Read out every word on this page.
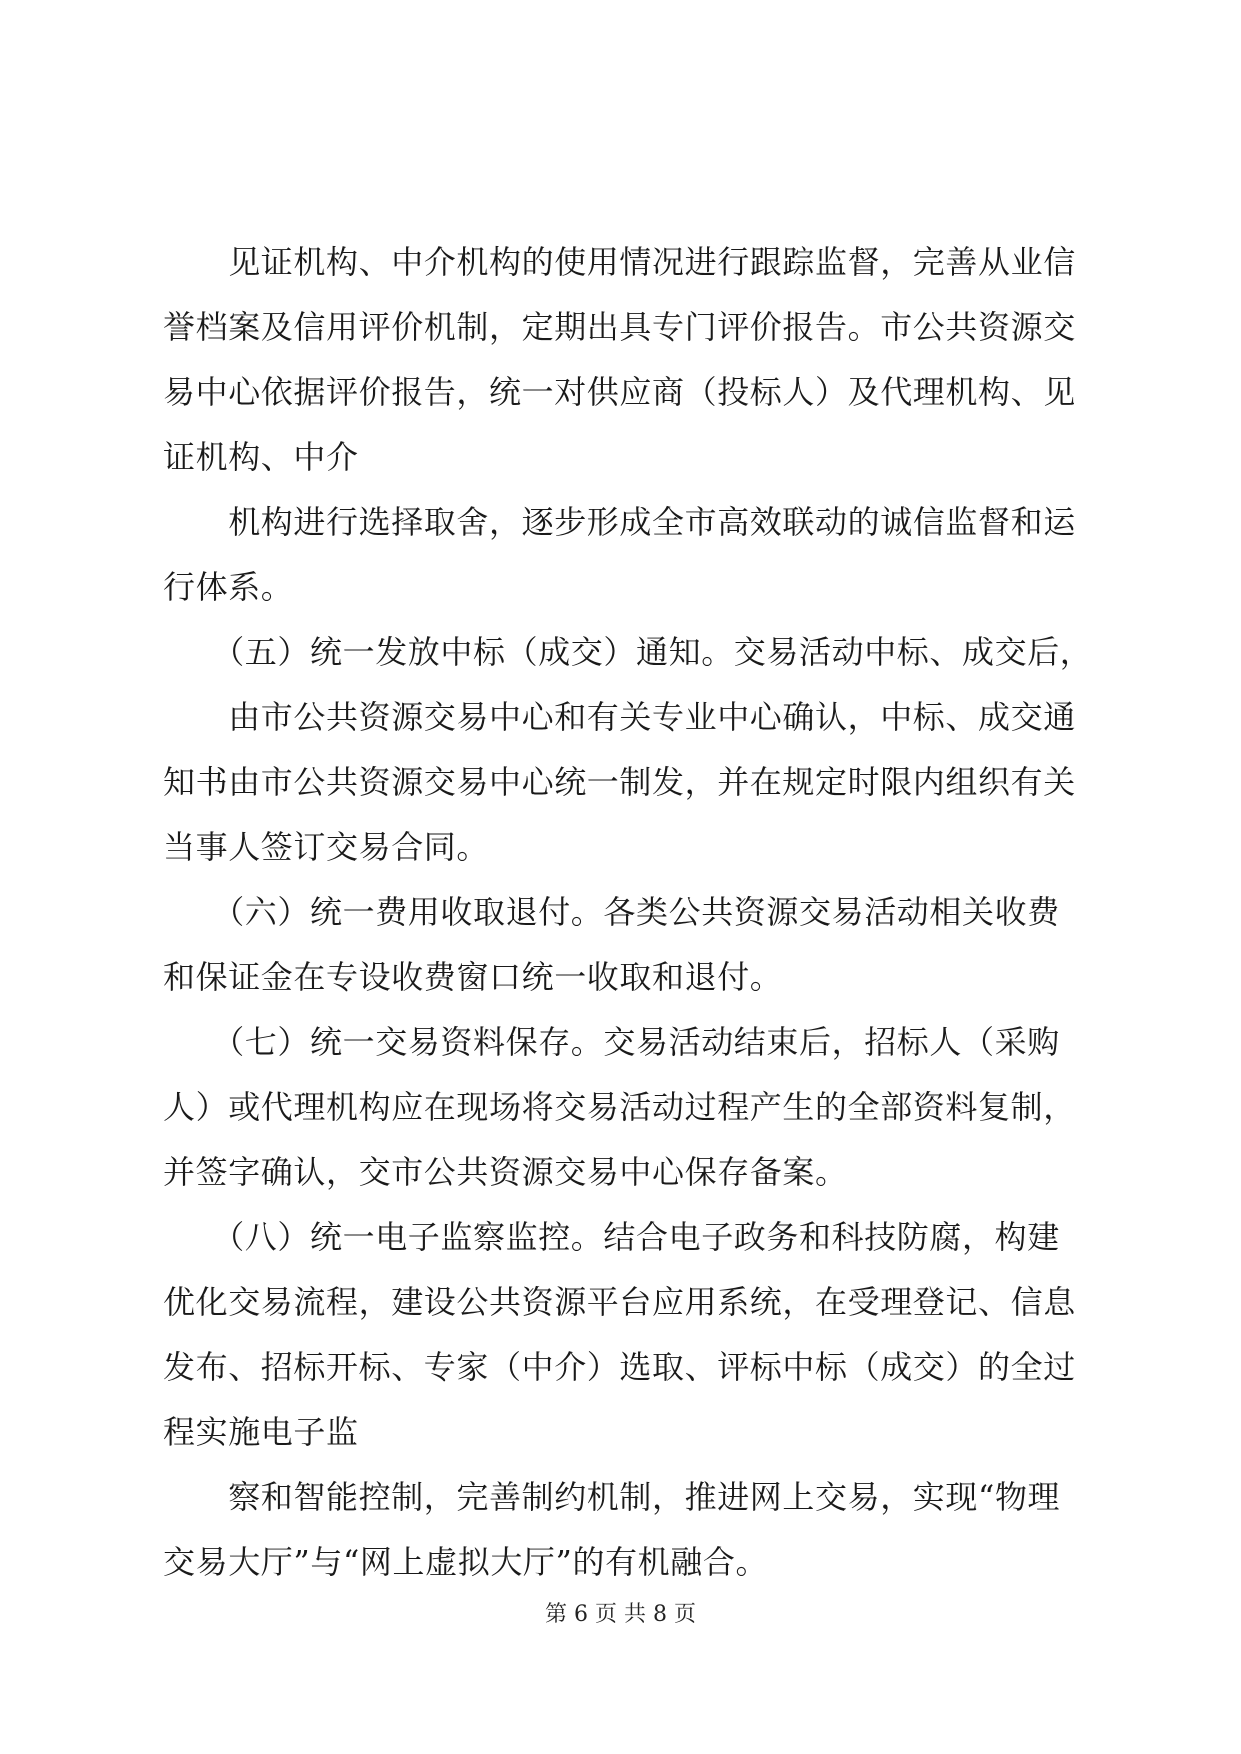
　　见证机构、中介机构的使用情况进行跟踪监督，完善从业信
誉档案及信用评价机制，定期出具专门评价报告。市公共资源交
易中心依据评价报告，统一对供应商（投标人）及代理机构、见
证机构、中介
　　机构进行选择取舍，逐步形成全市高效联动的诚信监督和运
行体系。
　　（五）统一发放中标（成交）通知。交易活动中标、成交后，
　　由市公共资源交易中心和有关专业中心确认，中标、成交通
知书由市公共资源交易中心统一制发，并在规定时限内组织有关
当事人签订交易合同。
　　（六）统一费用收取退付。各类公共资源交易活动相关收费
和保证金在专设收费窗口统一收取和退付。
　　（七）统一交易资料保存。交易活动结束后，招标人（采购
人）或代理机构应在现场将交易活动过程产生的全部资料复制，
并签字确认，交市公共资源交易中心保存备案。
　　（八）统一电子监察监控。结合电子政务和科技防腐，构建
优化交易流程，建设公共资源平台应用系统，在受理登记、信息
发布、招标开标、专家（中介）选取、评标中标（成交）的全过
程实施电子监
　　察和智能控制，完善制约机制，推进网上交易，实现“物理
交易大厅”与“网上虚拟大厅”的有机融合。
第 6 页 共 8 页
